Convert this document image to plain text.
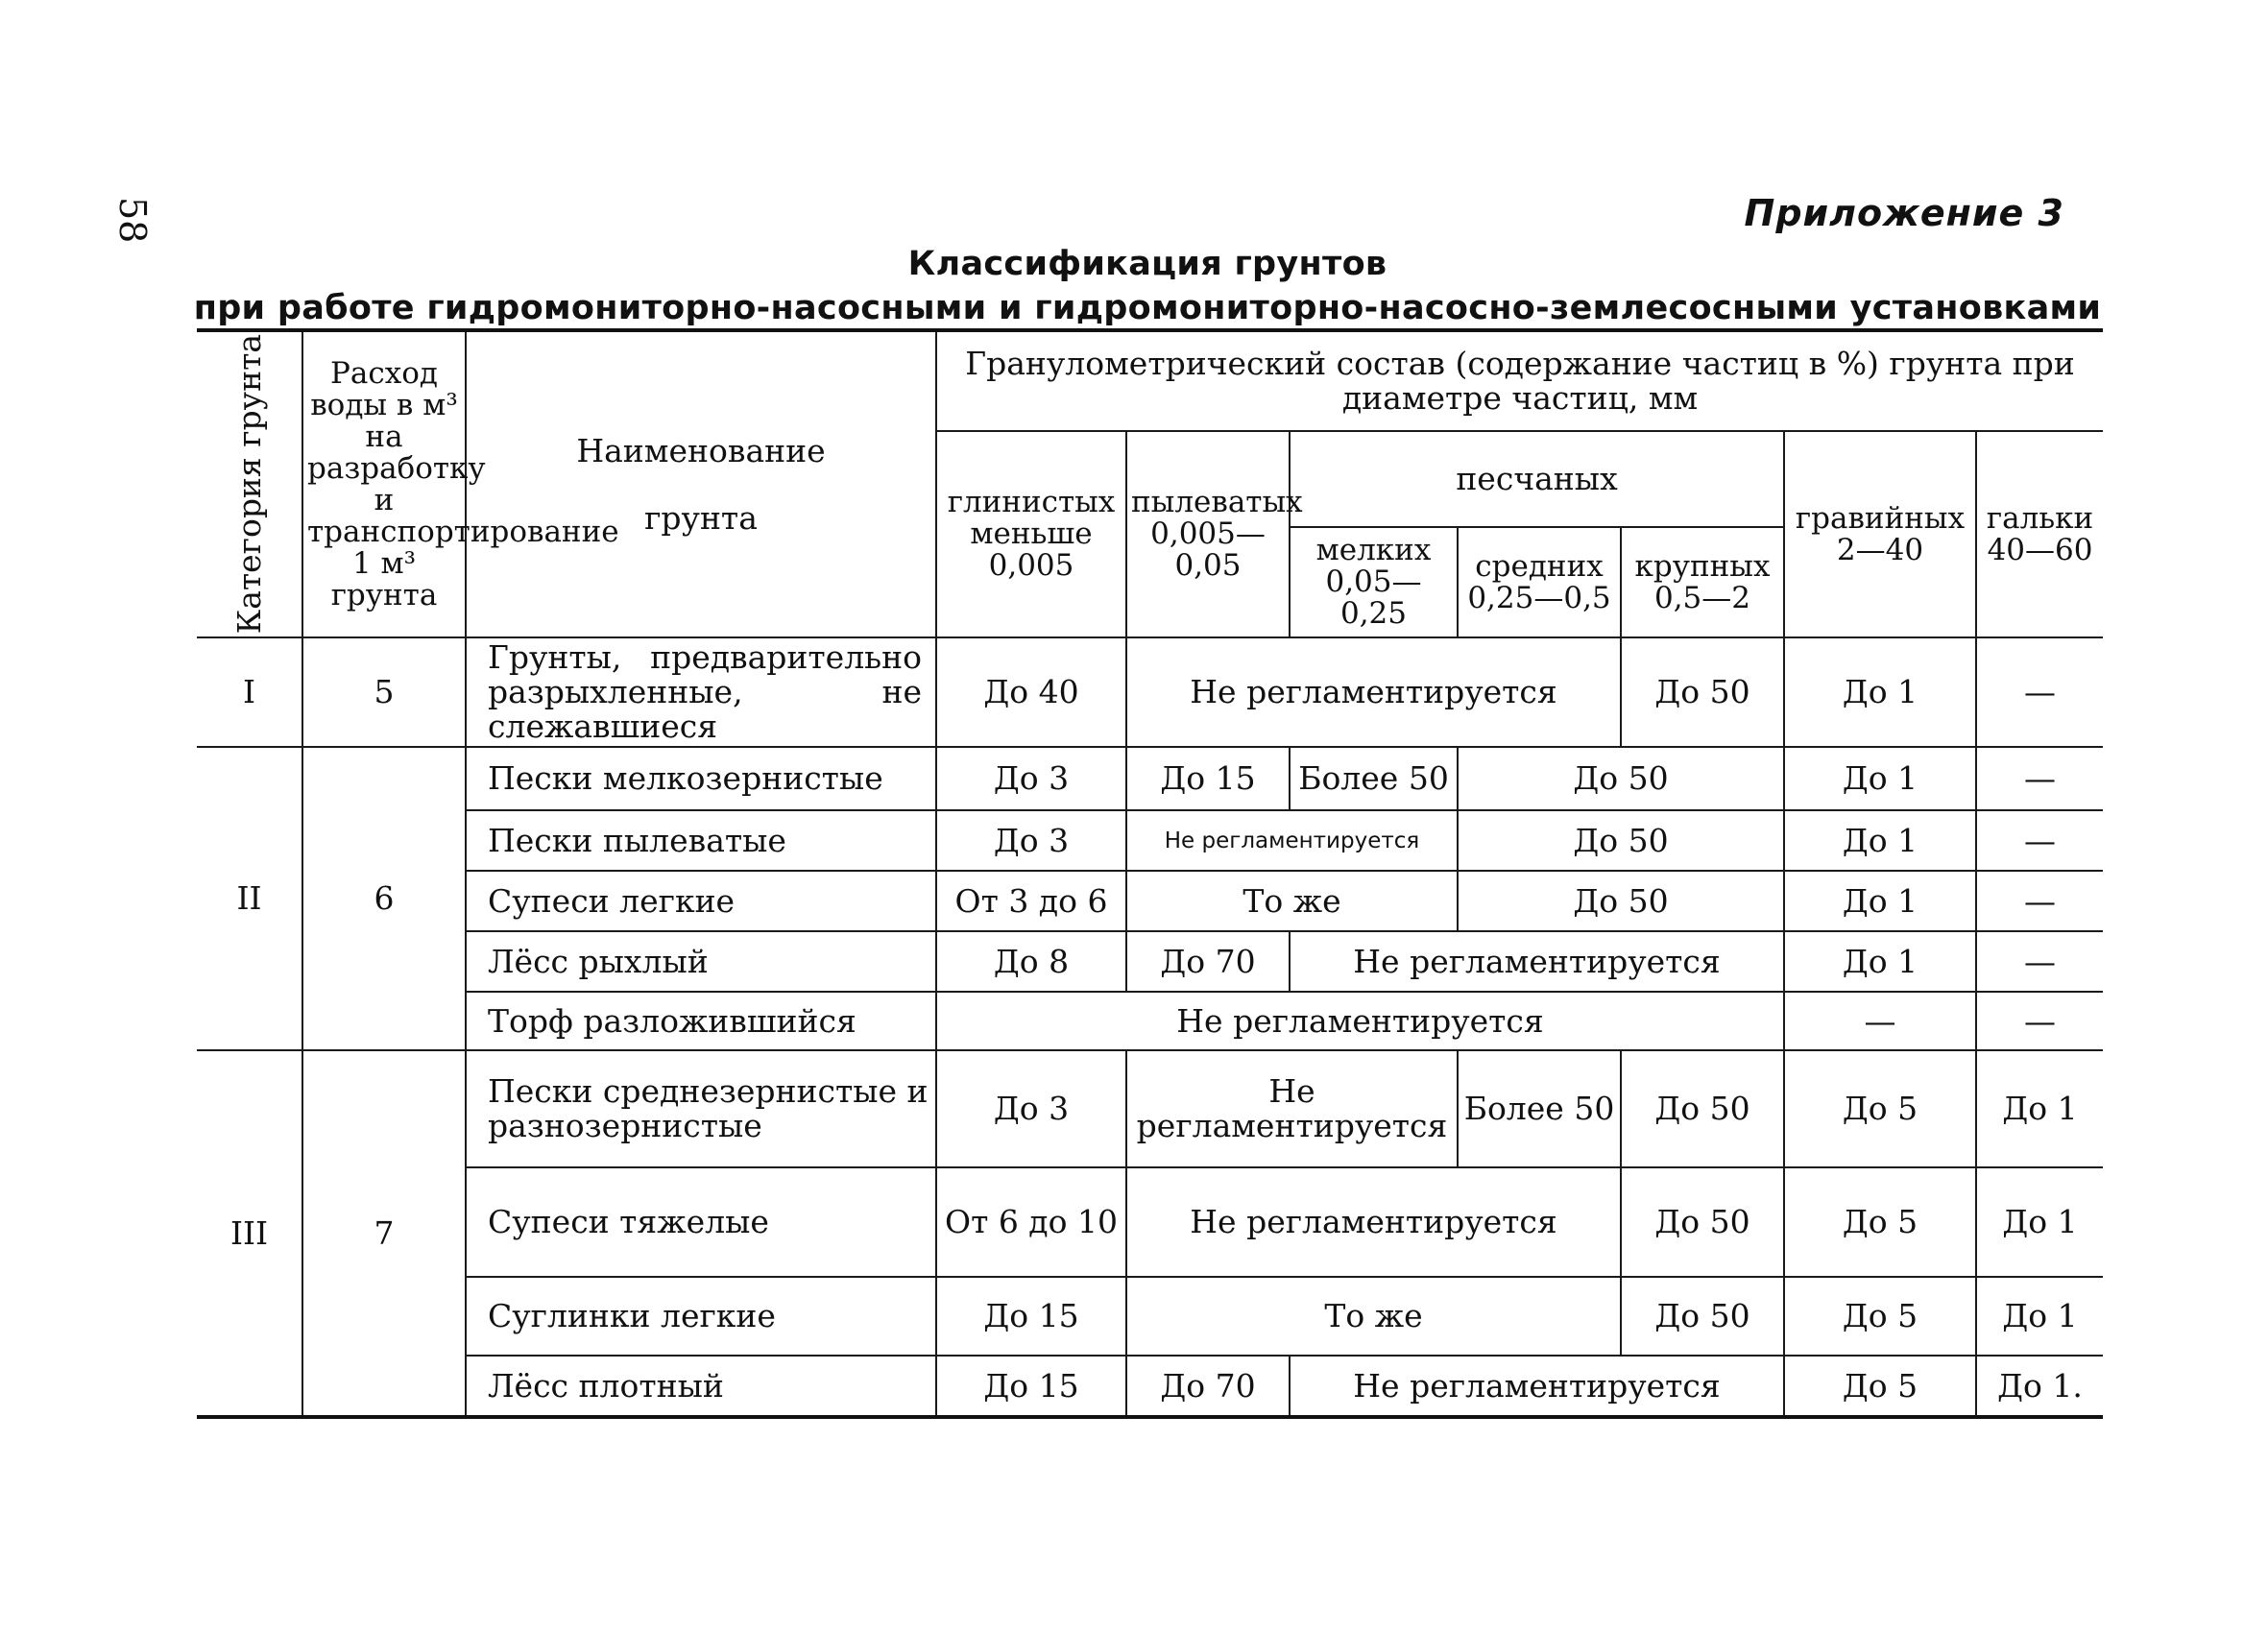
58	Приложение 3
Классификация грунтов
при работе гидромониторно-насосными и гидромониторно-насосно-землесосными установками
Категория грунта	Расход воды в м³ на разработку и транспортирование 1 м³ грунта	Наименование
грунта	Гранулометрический состав (содержание частиц в %) грунта при диаметре частиц, мм						
			глинистых меньше 0,005	пылеватых 0,005—0,05	песчаных			гравийных 2—40	гальки 40—60
					мелких 0,05—0,25	средних 0,25—0,5	крупных 0,5—2		
I	5	Грунты, предварительно разрыхленные, не слежавшиеся	До 40	Не регламентируется			До 50	До 1	—
II	6	Пески мелкозернистые	До 3	До 15	Более 50	До 50		До 1	—
		Пески пылеватые	До 3	Не регламентируется		До 50		До 1	—
		Супеси легкие	От 3 до 6	То же		До 50		До 1	—
		Лёсс рыхлый	До 8	До 70	Не регламентируется			До 1	—
		Торф разложившийся	Не регламентируется					—	—
III	7	Пески среднезернистые и разнозернистые	До 3	Не регламентируется		Более 50	До 50	До 5	До 1
		Супеси тяжелые	От 6 до 10	Не регламентируется			До 50	До 5	До 1
		Суглинки легкие	До 15	То же			До 50	До 5	До 1
		Лёсс плотный	До 15	До 70	Не регламентируется			До 5	До 1.
